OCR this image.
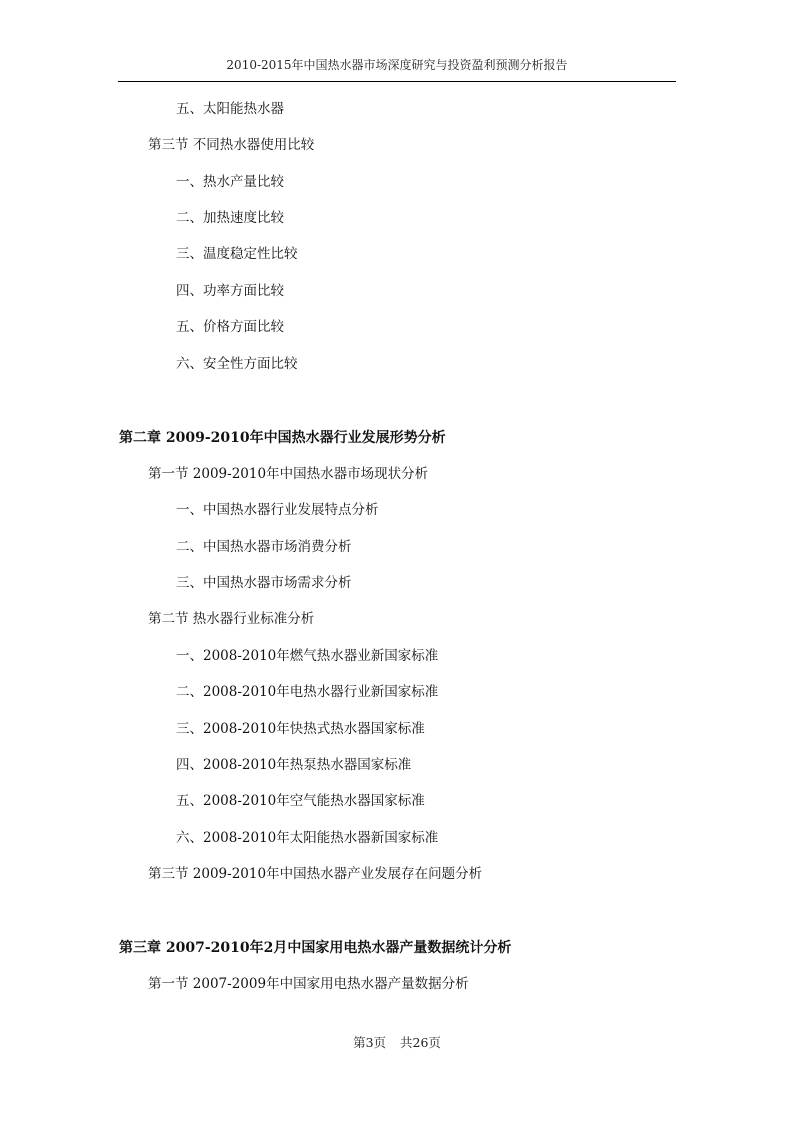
2010-2015年中国热水器市场深度研究与投资盈利预测分析报告
五、太阳能热水器
第三节 不同热水器使用比较
一、热水产量比较
二、加热速度比较
三、温度稳定性比较
四、功率方面比较
五、价格方面比较
六、安全性方面比较
第二章 2009-2010年中国热水器行业发展形势分析
第一节 2009-2010年中国热水器市场现状分析
一、中国热水器行业发展特点分析
二、中国热水器市场消费分析
三、中国热水器市场需求分析
第二节 热水器行业标准分析
一、2008-2010年燃气热水器业新国家标准
二、2008-2010年电热水器行业新国家标准
三、2008-2010年快热式热水器国家标准
四、2008-2010年热泵热水器国家标准
五、2008-2010年空气能热水器国家标准
六、2008-2010年太阳能热水器新国家标准
第三节 2009-2010年中国热水器产业发展存在问题分析
第三章 2007-2010年2月中国家用电热水器产量数据统计分析
第一节 2007-2009年中国家用电热水器产量数据分析
第3页 共26页
